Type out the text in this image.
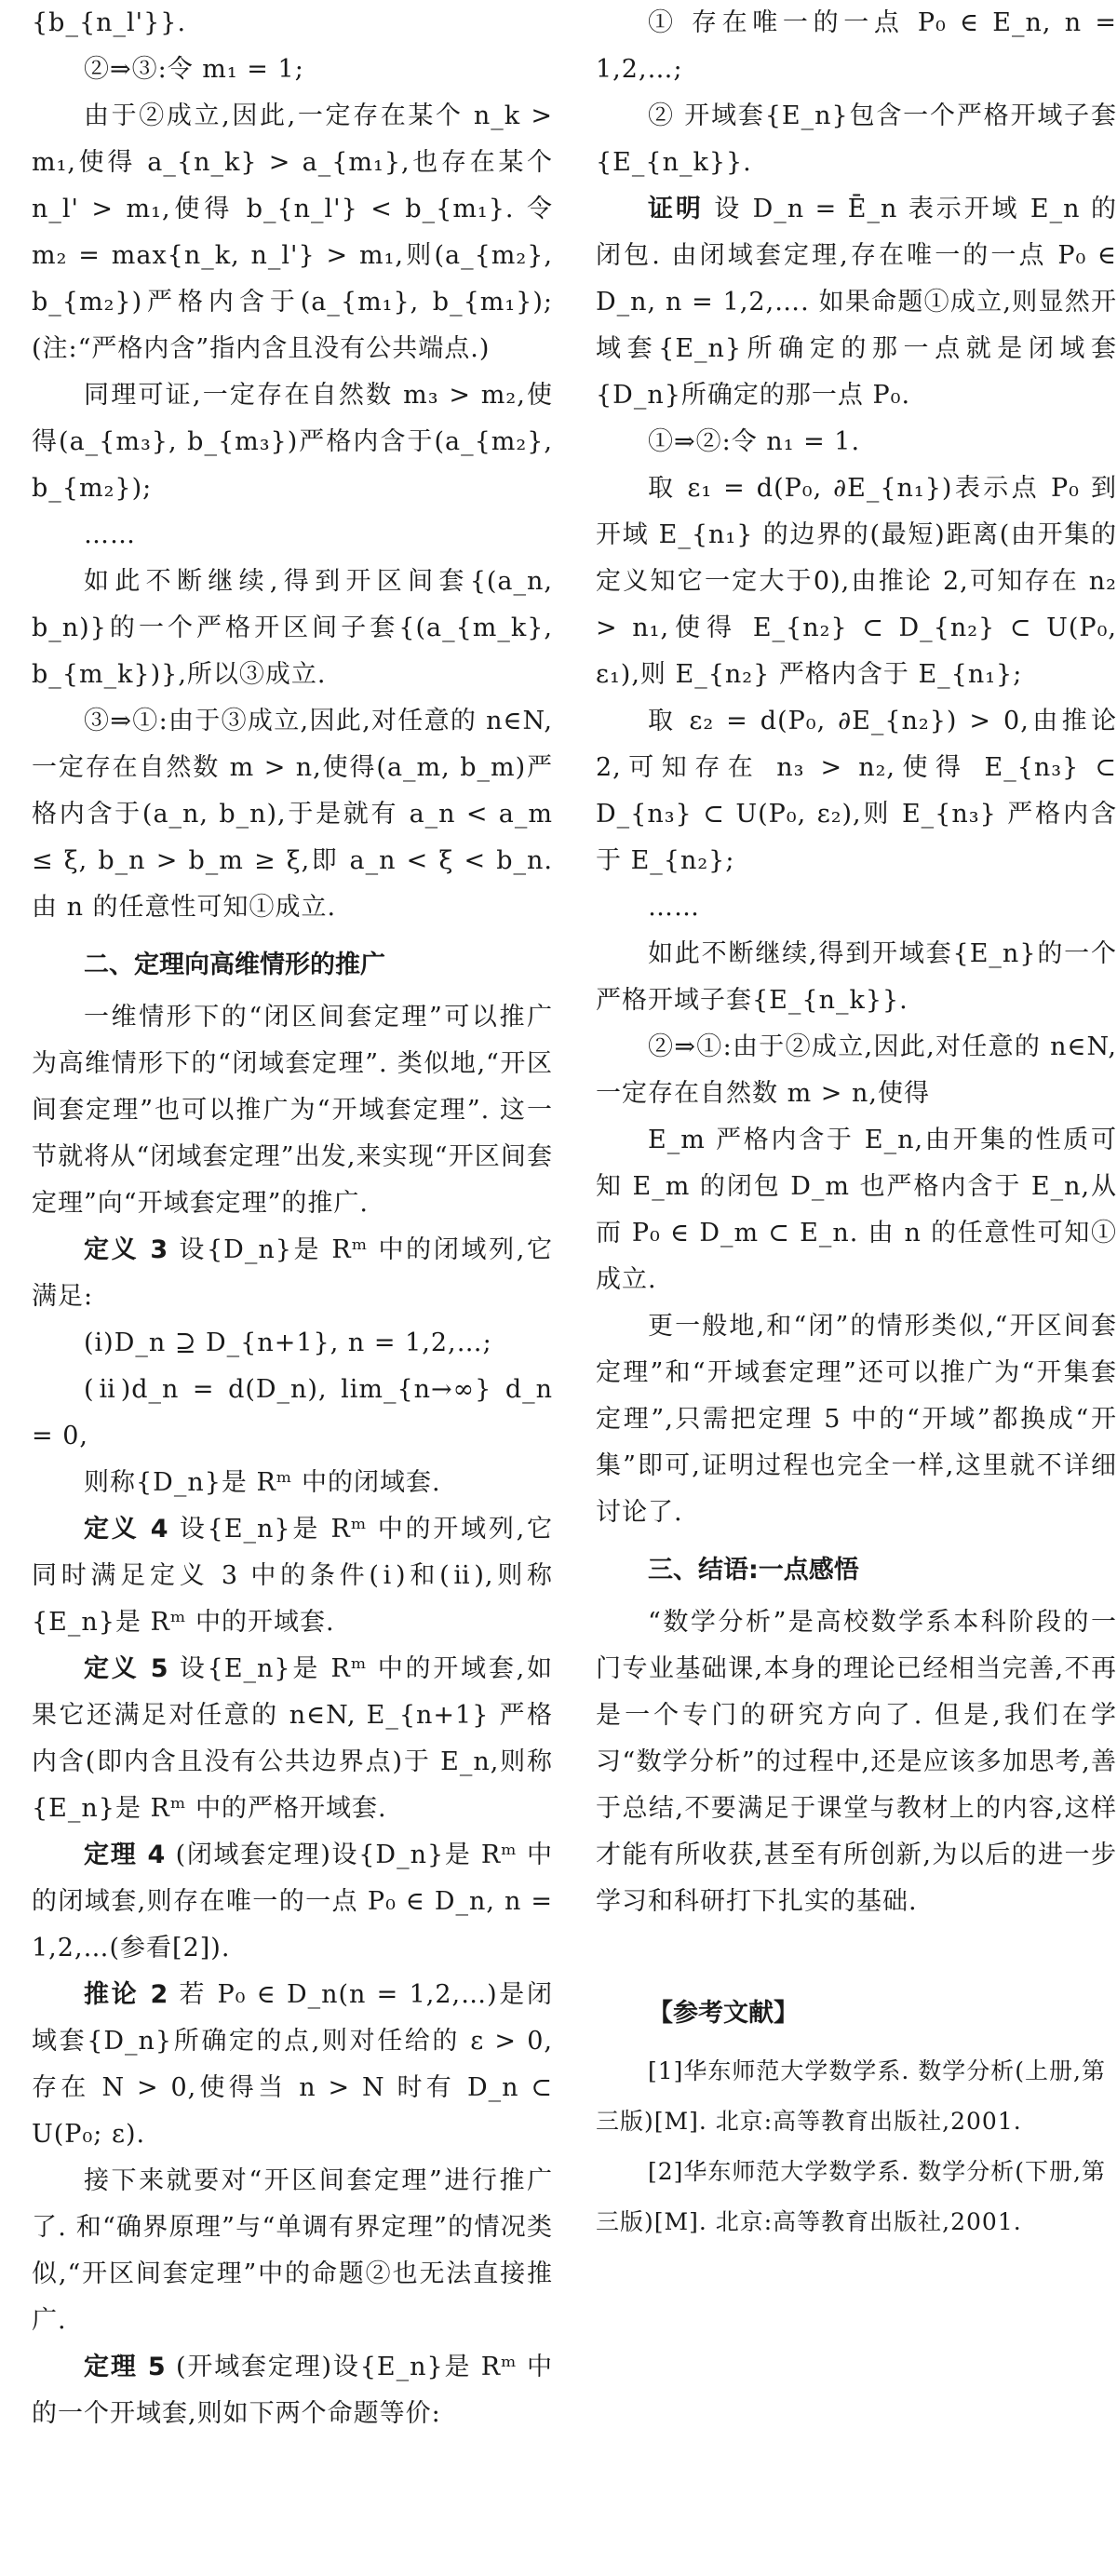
{b_{n_l'}}.

②⇒③:令 m₁ = 1;

由于②成立,因此,一定存在某个 n_k > m₁,使得 a_{n_k} > a_{m₁},也存在某个 n_l' > m₁,使得 b_{n_l'} < b_{m₁}. 令 m₂ = max{n_k, n_l'} > m₁,则(a_{m₂}, b_{m₂})严格内含于(a_{m₁}, b_{m₁});(注:“严格内含”指内含且没有公共端点.)

同理可证,一定存在自然数 m₃ > m₂,使得(a_{m₃}, b_{m₃})严格内含于(a_{m₂}, b_{m₂});

……

如此不断继续,得到开区间套{(a_n, b_n)}的一个严格开区间子套{(a_{m_k}, b_{m_k})},所以③成立.

③⇒①:由于③成立,因此,对任意的 n∈N,一定存在自然数 m > n,使得(a_m, b_m)严格内含于(a_n, b_n),于是就有 a_n < a_m ≤ ξ, b_n > b_m ≥ ξ,即 a_n < ξ < b_n. 由 n 的任意性可知①成立.

二、定理向高维情形的推广

一维情形下的“闭区间套定理”可以推广为高维情形下的“闭域套定理”. 类似地,“开区间套定理”也可以推广为“开域套定理”. 这一节就将从“闭域套定理”出发,来实现“开区间套定理”向“开域套定理”的推广.

定义 3 设{D_n}是 Rᵐ 中的闭域列,它满足:

(ⅰ)D_n ⊇ D_{n+1}, n = 1,2,…;

(ⅱ)d_n = d(D_n), lim_{n→∞} d_n = 0,

则称{D_n}是 Rᵐ 中的闭域套.

定义 4 设{E_n}是 Rᵐ 中的开域列,它同时满足定义 3 中的条件(ⅰ)和(ⅱ),则称{E_n}是 Rᵐ 中的开域套.

定义 5 设{E_n}是 Rᵐ 中的开域套,如果它还满足对任意的 n∈N, E_{n+1} 严格内含(即内含且没有公共边界点)于 E_n,则称{E_n}是 Rᵐ 中的严格开域套.

定理 4 (闭域套定理)设{D_n}是 Rᵐ 中的闭域套,则存在唯一的一点 P₀ ∈ D_n, n = 1,2,…(参看[2]).

推论 2 若 P₀ ∈ D_n(n = 1,2,…)是闭域套{D_n}所确定的点,则对任给的 ε > 0,存在 N > 0,使得当 n > N 时有 D_n ⊂ U(P₀; ε).

接下来就要对“开区间套定理”进行推广了. 和“确界原理”与“单调有界定理”的情况类似,“开区间套定理”中的命题②也无法直接推广.

定理 5 (开域套定理)设{E_n}是 Rᵐ 中的一个开域套,则如下两个命题等价:

① 存在唯一的一点 P₀ ∈ E_n, n = 1,2,…;

② 开域套{E_n}包含一个严格开域子套{E_{n_k}}.

证明 设 D_n = Ē_n 表示开域 E_n 的闭包. 由闭域套定理,存在唯一的一点 P₀ ∈ D_n, n = 1,2,…. 如果命题①成立,则显然开域套{E_n}所确定的那一点就是闭域套{D_n}所确定的那一点 P₀.

①⇒②:令 n₁ = 1.

取 ε₁ = d(P₀, ∂E_{n₁})表示点 P₀ 到开域 E_{n₁} 的边界的(最短)距离(由开集的定义知它一定大于0),由推论 2,可知存在 n₂ > n₁,使得 E_{n₂} ⊂ D_{n₂} ⊂ U(P₀, ε₁),则 E_{n₂} 严格内含于 E_{n₁};

取 ε₂ = d(P₀, ∂E_{n₂}) > 0,由推论 2,可知存在 n₃ > n₂,使得 E_{n₃} ⊂ D_{n₃} ⊂ U(P₀, ε₂),则 E_{n₃} 严格内含于 E_{n₂};

……

如此不断继续,得到开域套{E_n}的一个严格开域子套{E_{n_k}}.

②⇒①:由于②成立,因此,对任意的 n∈N,一定存在自然数 m > n,使得

E_m 严格内含于 E_n,由开集的性质可知 E_m 的闭包 D_m 也严格内含于 E_n,从而 P₀ ∈ D_m ⊂ E_n. 由 n 的任意性可知①成立.

更一般地,和“闭”的情形类似,“开区间套定理”和“开域套定理”还可以推广为“开集套定理”,只需把定理 5 中的“开域”都换成“开集”即可,证明过程也完全一样,这里就不详细讨论了.

三、结语:一点感悟

“数学分析”是高校数学系本科阶段的一门专业基础课,本身的理论已经相当完善,不再是一个专门的研究方向了. 但是,我们在学习“数学分析”的过程中,还是应该多加思考,善于总结,不要满足于课堂与教材上的内容,这样才能有所收获,甚至有所创新,为以后的进一步学习和科研打下扎实的基础.

【参考文献】

[1]华东师范大学数学系. 数学分析(上册,第三版)[M]. 北京:高等教育出版社,2001.

[2]华东师范大学数学系. 数学分析(下册,第三版)[M]. 北京:高等教育出版社,2001.
